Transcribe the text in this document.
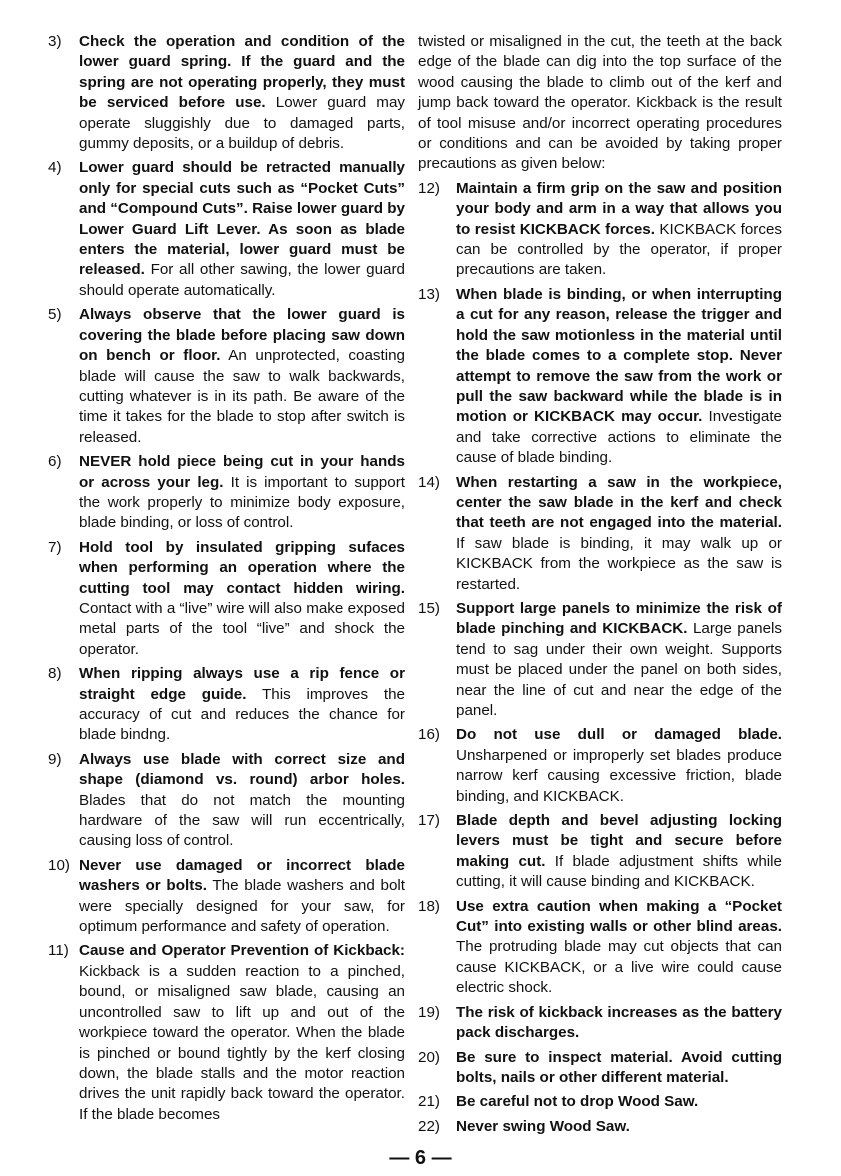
3)	Check the operation and condition of the lower guard spring. If the guard and the spring are not operating properly, they must be serviced before use. Lower guard may operate sluggishly due to damaged parts, gummy deposits, or a buildup of debris.
4)	Lower guard should be retracted manually only for special cuts such as “Pocket Cuts” and “Compound Cuts”. Raise lower guard by Lower Guard Lift Lever. As soon as blade enters the material, lower guard must be released. For all other sawing, the lower guard should operate automatically.
5)	Always observe that the lower guard is covering the blade before placing saw down on bench or floor. An unprotected, coasting blade will cause the saw to walk backwards, cutting whatever is in its path. Be aware of the time it takes for the blade to stop after switch is released.
6)	NEVER hold piece being cut in your hands or across your leg. It is important to support the work properly to minimize body exposure, blade binding, or loss of control.
7)	Hold tool by insulated gripping sufaces when performing an operation where the cutting tool may contact hidden wiring. Contact with a “live” wire will also make exposed metal parts of the tool “live” and shock the operator.
8)	When ripping always use a rip fence or straight edge guide. This improves the accuracy of cut and reduces the chance for blade bindng.
9)	Always use blade with correct size and shape (diamond vs. round) arbor holes. Blades that do not match the mounting hardware of the saw will run eccentrically, causing loss of control.
10) Never use damaged or incorrect blade washers or bolts. The blade washers and bolt were specially designed for your saw, for optimum performance and safety of operation.
11) Cause and Operator Prevention of Kickback: Kickback is a sudden reaction to a pinched, bound, or misaligned saw blade, causing an uncontrolled saw to lift up and out of the workpiece toward the operator. When the blade is pinched or bound tightly by the kerf closing down, the blade stalls and the motor reaction drives the unit rapidly back toward the operator. If the blade becomes
twisted or misaligned in the cut, the teeth at the back edge of the blade can dig into the top surface of the wood causing the blade to climb out of the kerf and jump back toward the operator. Kickback is the result of tool misuse and/or incorrect operating procedures or conditions and can be avoided by taking proper precautions as given below:
12)	Maintain a firm grip on the saw and position your body and arm in a way that allows you to resist KICKBACK forces. KICKBACK forces can be controlled by the operator, if proper precautions are taken.
13)	When blade is binding, or when interrupting a cut for any reason, release the trigger and hold the saw motionless in the material until the blade comes to a complete stop. Never attempt to remove the saw from the work or pull the saw backward while the blade is in motion or KICKBACK may occur. Investigate and take corrective actions to eliminate the cause of blade binding.
14)	When restarting a saw in the workpiece, center the saw blade in the kerf and check that teeth are not engaged into the material. If saw blade is binding, it may walk up or KICKBACK from the workpiece as the saw is restarted.
15)	Support large panels to minimize the risk of blade pinching and KICKBACK. Large panels tend to sag under their own weight. Supports must be placed under the panel on both sides, near the line of cut and near the edge of the panel.
16)	Do not use dull or damaged blade. Unsharpened or improperly set blades produce narrow kerf causing excessive friction, blade binding, and KICKBACK.
17)	Blade depth and bevel adjusting locking levers must be tight and secure before making cut. If blade adjustment shifts while cutting, it will cause binding and KICKBACK.
18)	Use extra caution when making a “Pocket Cut” into existing walls or other blind areas. The protruding blade may cut objects that can cause KICKBACK, or a live wire could cause electric shock.
19)	The risk of kickback increases as the battery pack discharges.
20)	Be sure to inspect material. Avoid cutting bolts, nails or other different material.
21)	Be careful not to drop Wood Saw.
22)	Never swing Wood Saw.
— 6 —
